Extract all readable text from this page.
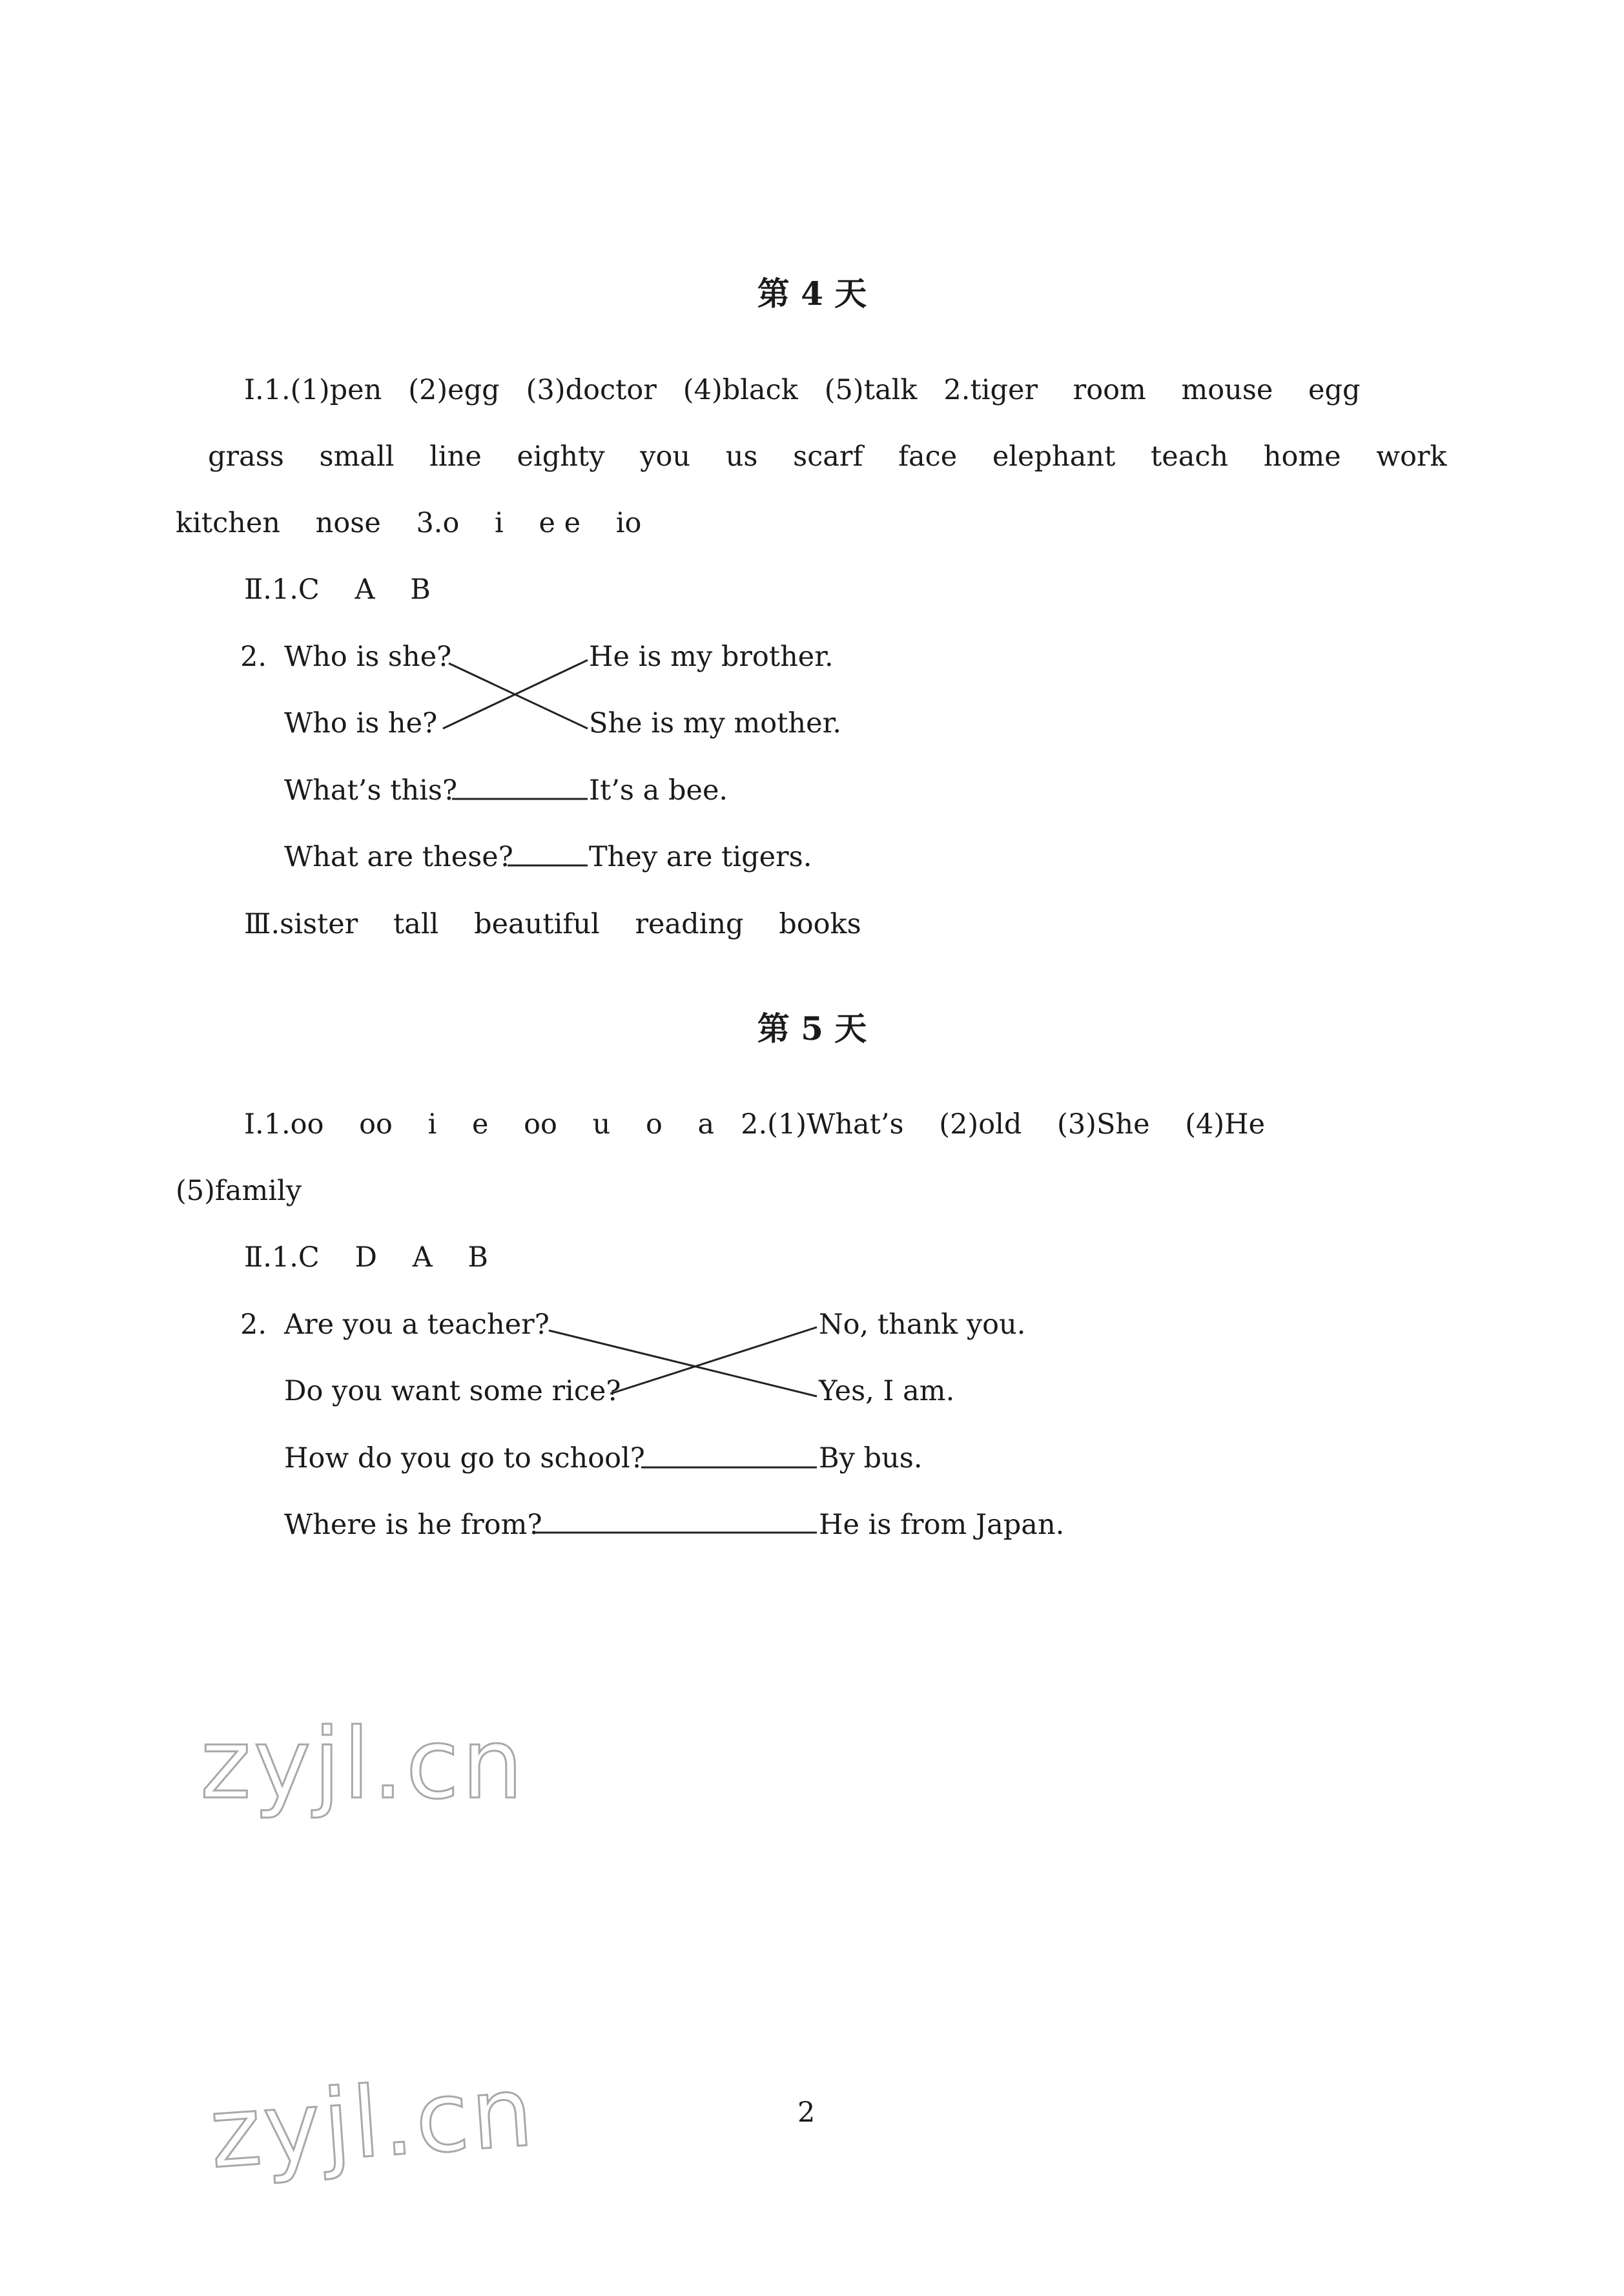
第 4 天
Ⅰ.1.(1)pen   (2)egg   (3)doctor   (4)black   (5)talk   2.tiger    room    mouse    egg
grass    small    line    eighty    you    us    scarf    face    elephant    teach    home    work
kitchen    nose    3.o    i    e e    io
Ⅱ.1.C    A    B
2. Who is she?
Who is he?
What’s this?
What are these?
He is my brother.
She is my mother.
It’s a bee.
They are tigers.
Ⅲ.sister    tall    beautiful    reading    books
第 5 天
Ⅰ.1.oo    oo    i    e    oo    u    o    a   2.(1)What’s    (2)old    (3)She    (4)He
(5)family
Ⅱ.1.C    D    A    B
2. Are you a teacher?
Do you want some rice?
How do you go to school?
Where is he from?
No, thank you.
Yes, I am.
By bus.
He is from Japan.
zyjl.cn
zyjl.cn	2
